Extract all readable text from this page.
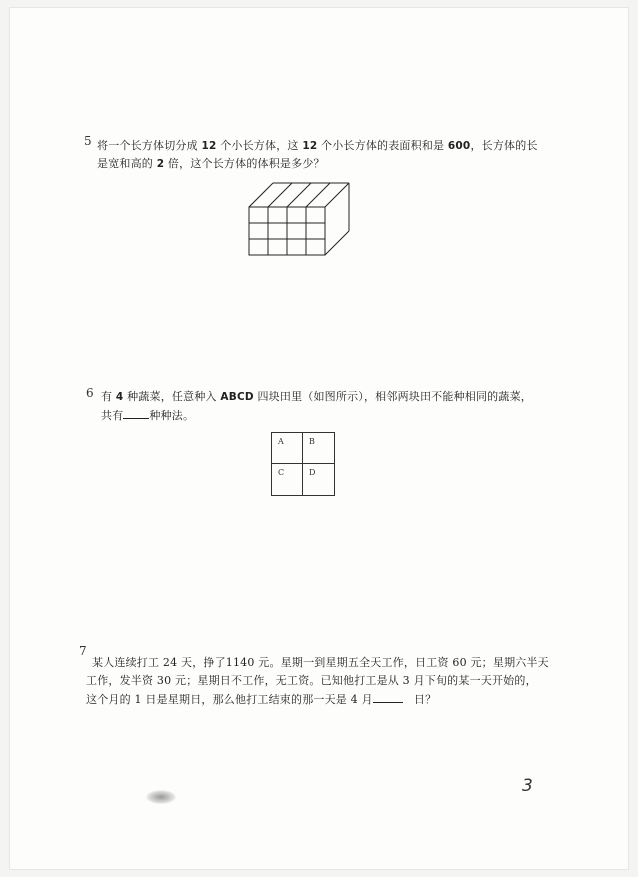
5 将一个长方体切分成 12 个小长方体，这 12 个小长方体的表面积和是 600，长方体的长
是宽和高的 2 倍，这个长方体的体积是多少？
6 有 4 种蔬菜，任意种入 ABCD 四块田里（如图所示），相邻两块田不能种相同的蔬菜，
共有 种种法。
A	B
C	D
7
某人连续打工 24 天，挣了1140 元。星期一到星期五全天工作，日工资 60 元；星期六半天
工作，发半资 30 元；星期日不工作，无工资。已知他打工是从 3 月下旬的某一天开始的，
这个月的 1 日是星期日，那么他打工结束的那一天是 4 月	日？
3
